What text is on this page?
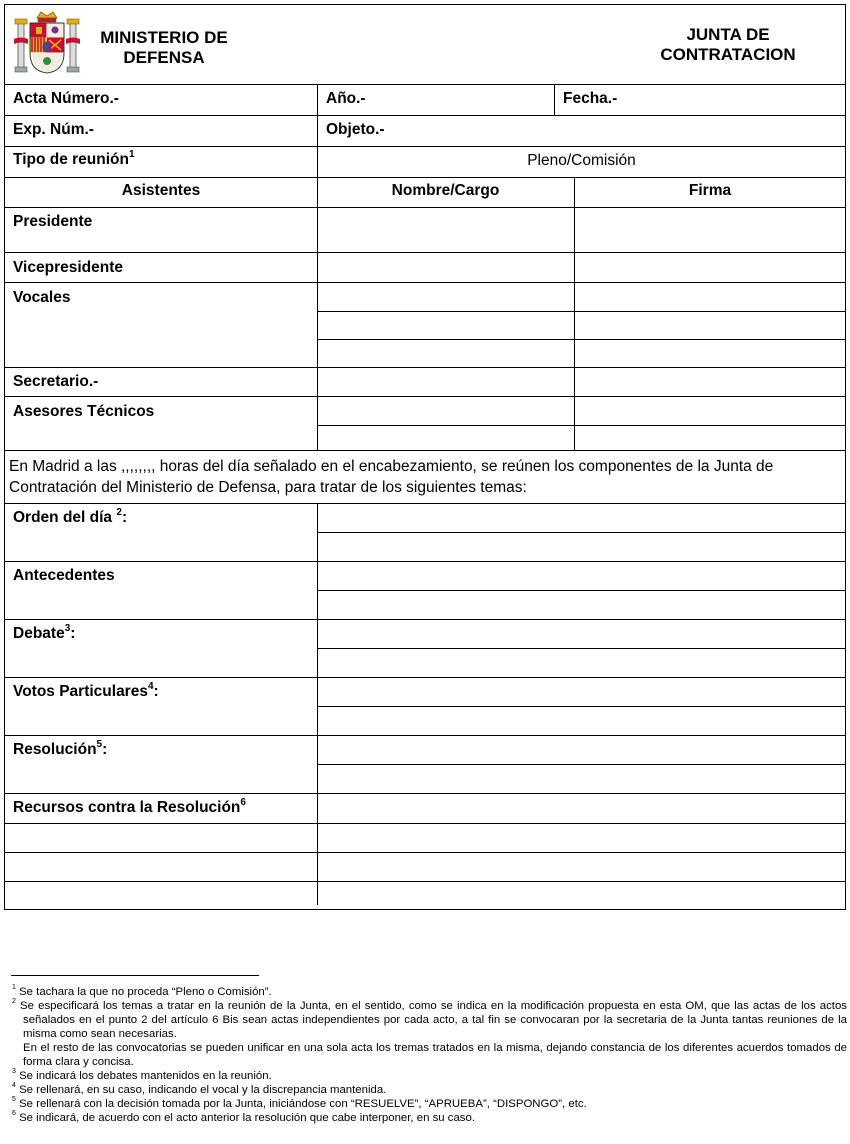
MINISTERIO DE
DEFENSA
JUNTA DE
CONTRATACION
Acta Número.-	Año.-	Fecha.-
Exp. Núm.-	Objeto.-
Tipo de reunión$^1$	Pleno/Comisión
Asistentes	Nombre/Cargo	Firma
Presidente
Vicepresidente
Vocales
Secretario.-
Asesores Técnicos
En Madrid a las ,,,,,,,, horas del día señalado en el encabezamiento, se reúnen los componentes de la Junta de Contratación del Ministerio de Defensa, para tratar de los siguientes temas:
Orden del día $^2$:
Antecedentes
Debate$^3$:
Votos Particulares$^4$:
Resolución$^5$:
Recursos contra la Resolución$^6$

$^1$ Se tachara la que no proceda “Pleno o Comisión”.

$^2$ Se especificará los temas a tratar en la reunión de la Junta, en el sentido, como se indica en la modificación propuesta en esta OM, que las actas de los actos señalados en el punto 2 del artículo 6 Bis sean actas independientes por cada acto, a tal fin se convocaran por la secretaria de la Junta tantas reuniones de la misma como sean necesarias.

En el resto de las convocatorias se pueden unificar en una sola acta los tremas tratados en la misma, dejando constancia de los diferentes acuerdos tomados de forma clara y concisa.

$^3$ Se indicará los debates mantenidos en la reunión.

$^4$ Se rellenará, en su caso, indicando el vocal y la discrepancia mantenida.

$^5$ Se rellenará con la decisión tomada por la Junta, iniciándose con “RESUELVE”, “APRUEBA”, “DISPONGO”, etc.

$^6$ Se indicará, de acuerdo con el acto anterior la resolución que cabe interponer, en su caso.
